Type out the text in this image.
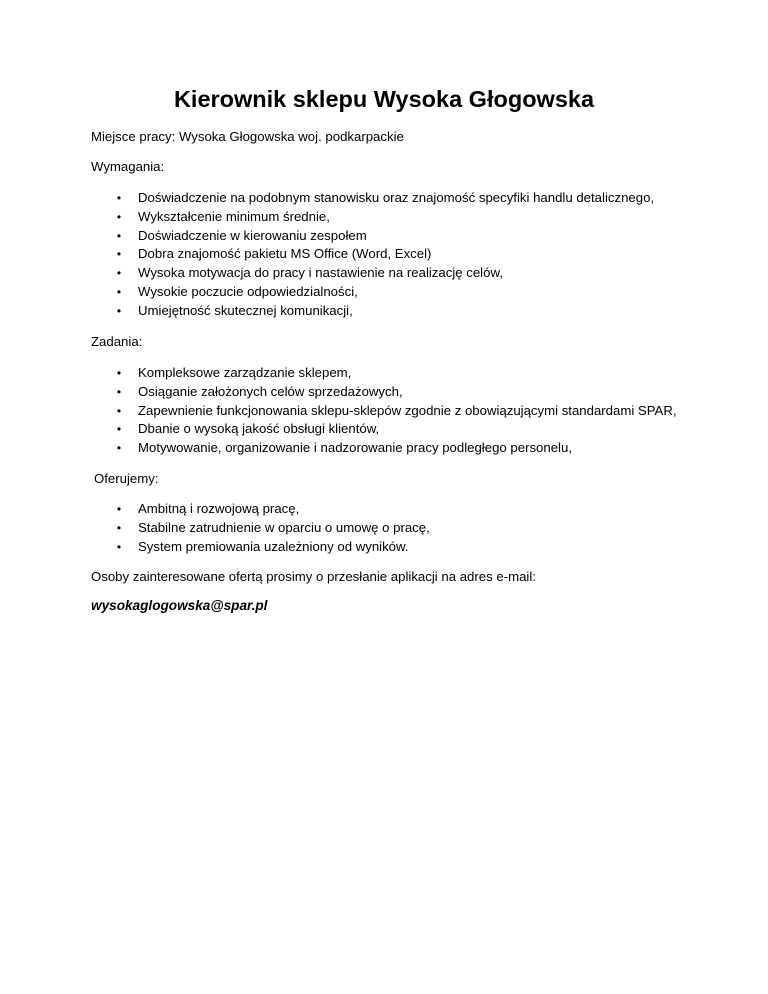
Kierownik sklepu Wysoka Głogowska

Miejsce pracy: Wysoka Głogowska woj. podkarpackie

Wymagania:

• Doświadczenie na podobnym stanowisku oraz znajomość specyfiki handlu detalicznego,
• Wykształcenie minimum średnie,
• Doświadczenie w kierowaniu zespołem
• Dobra znajomość pakietu MS Office (Word, Excel)
• Wysoka motywacja do pracy i nastawienie na realizację celów,
• Wysokie poczucie odpowiedzialności,
• Umiejętność skutecznej komunikacji,

Zadania:

• Kompleksowe zarządzanie sklepem,
• Osiąganie założonych celów sprzedażowych,
• Zapewnienie funkcjonowania sklepu-sklepów zgodnie z obowiązującymi standardami SPAR,
• Dbanie o wysoką jakość obsługi klientów,
• Motywowanie, organizowanie i nadzorowanie pracy podległego personelu,

Oferujemy:

• Ambitną i rozwojową pracę,
• Stabilne zatrudnienie w oparciu o umowę o pracę,
• System premiowania uzależniony od wyników.

Osoby zainteresowane ofertą prosimy o przesłanie aplikacji na adres e-mail:

wysokaglogowska@spar.pl
